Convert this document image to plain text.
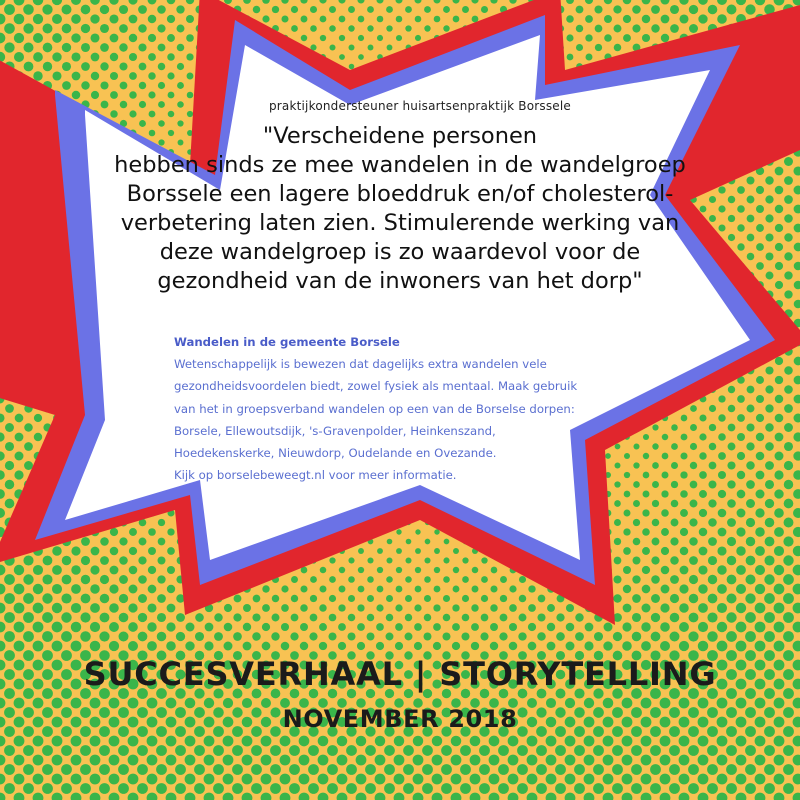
praktijkondersteuner huisartsenpraktijk Borssele
"Verscheidene personen
hebben sinds ze mee wandelen in de wandelgroep
Borssele een lagere bloeddruk en/of cholesterol-
verbetering laten zien. Stimulerende werking van
deze wandelgroep is zo waardevol voor de
gezondheid van de inwoners van het dorp"
Wandelen in de gemeente Borsele
Wetenschappelijk is bewezen dat dagelijks extra wandelen vele
gezondheidsvoordelen biedt, zowel fysiek als mentaal. Maak gebruik
van het in groepsverband wandelen op een van de Borselse dorpen:
Borsele, Ellewoutsdijk, 's-Gravenpolder, Heinkenszand,
Hoedekenskerke, Nieuwdorp, Oudelande en Ovezande.
Kijk op borselebeweegt.nl voor meer informatie.
SUCCESVERHAAL | STORYTELLING
NOVEMBER 2018
